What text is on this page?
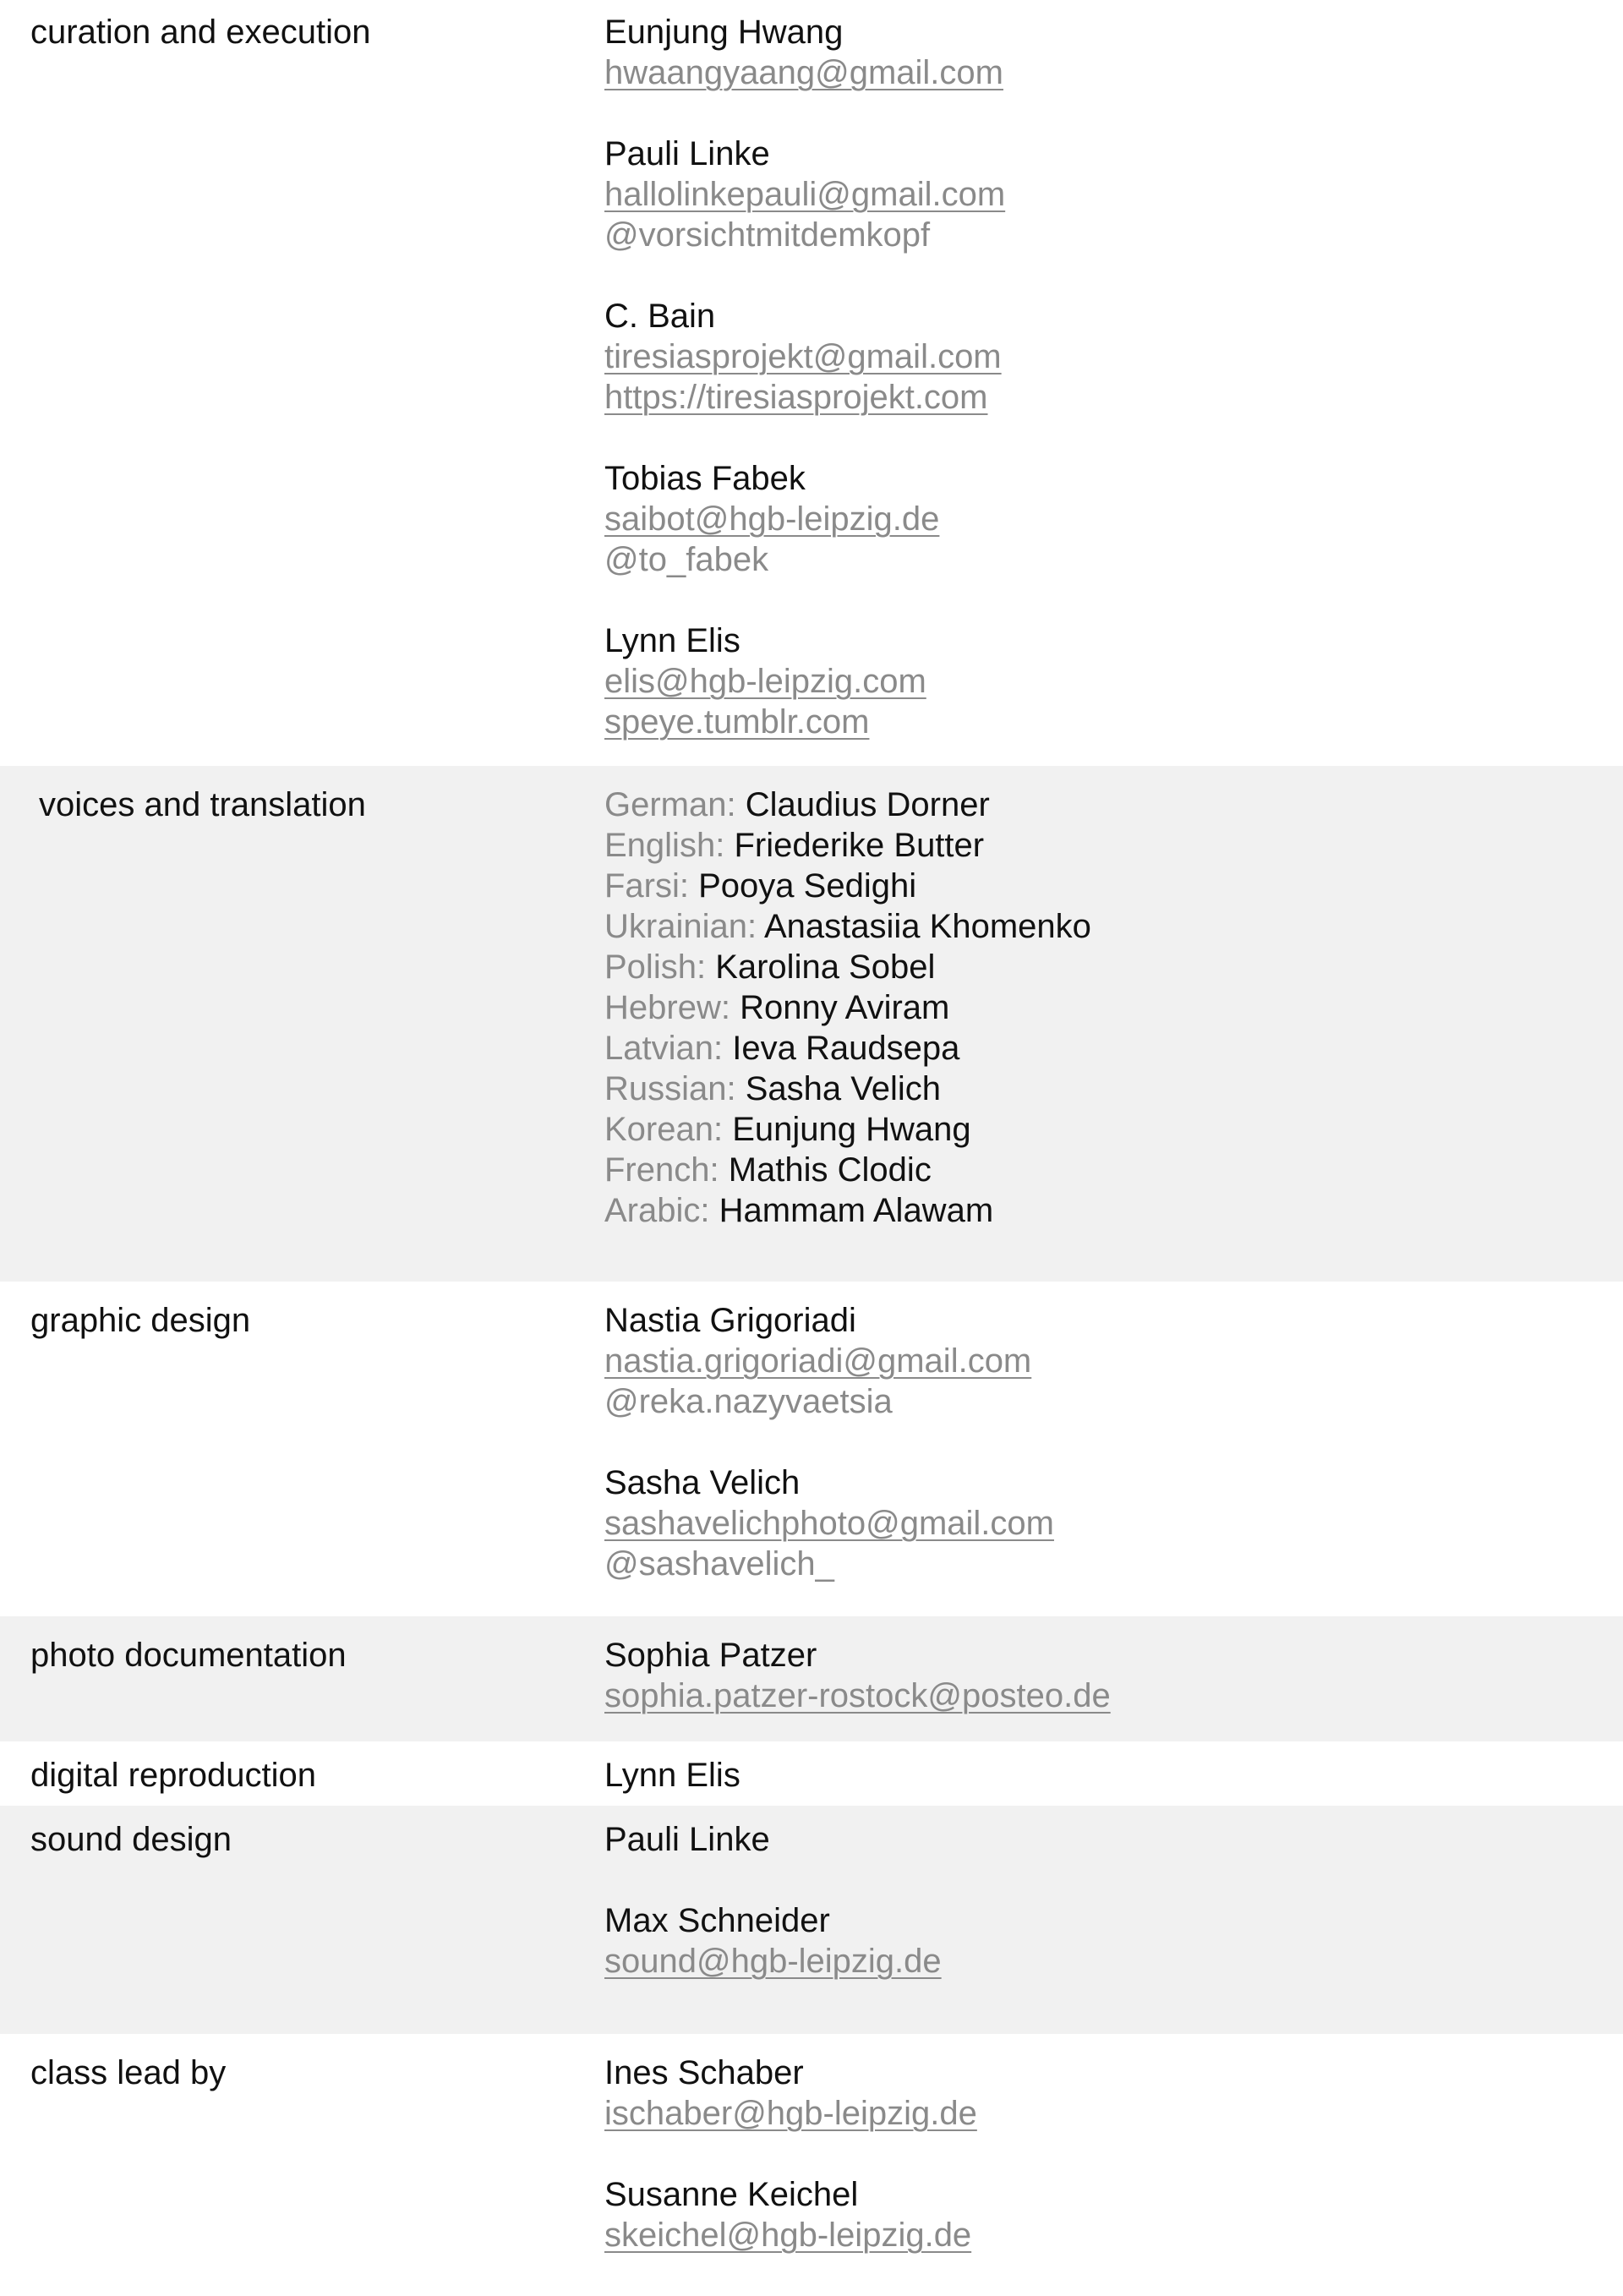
curation and execution	Eunjung Hwang
hwaangyaang@gmail.com
Pauli Linke
hallolinkepauli@gmail.com
@vorsichtmitdemkopf
C. Bain
tiresiasprojekt@gmail.com
https://tiresiasprojekt.com
Tobias Fabek
saibot@hgb-leipzig.de
@to_fabek
Lynn Elis
elis@hgb-leipzig.com
speye.tumblr.com
voices and translation	German: Claudius Dorner
English: Friederike Butter
Farsi: Pooya Sedighi
Ukrainian: Anastasiia Khomenko
Polish: Karolina Sobel
Hebrew: Ronny Aviram
Latvian: Ieva Raudsepa
Russian: Sasha Velich
Korean: Eunjung Hwang
French: Mathis Clodic
Arabic: Hammam Alawam
graphic design	Nastia Grigoriadi
nastia.grigoriadi@gmail.com
@reka.nazyvaetsia
Sasha Velich
sashavelichphoto@gmail.com
@sashavelich_
photo documentation	Sophia Patzer
sophia.patzer-rostock@posteo.de
digital reproduction	Lynn Elis
sound design	Pauli Linke
Max Schneider
sound@hgb-leipzig.de
class lead by	Ines Schaber
ischaber@hgb-leipzig.de
Susanne Keichel
skeichel@hgb-leipzig.de
